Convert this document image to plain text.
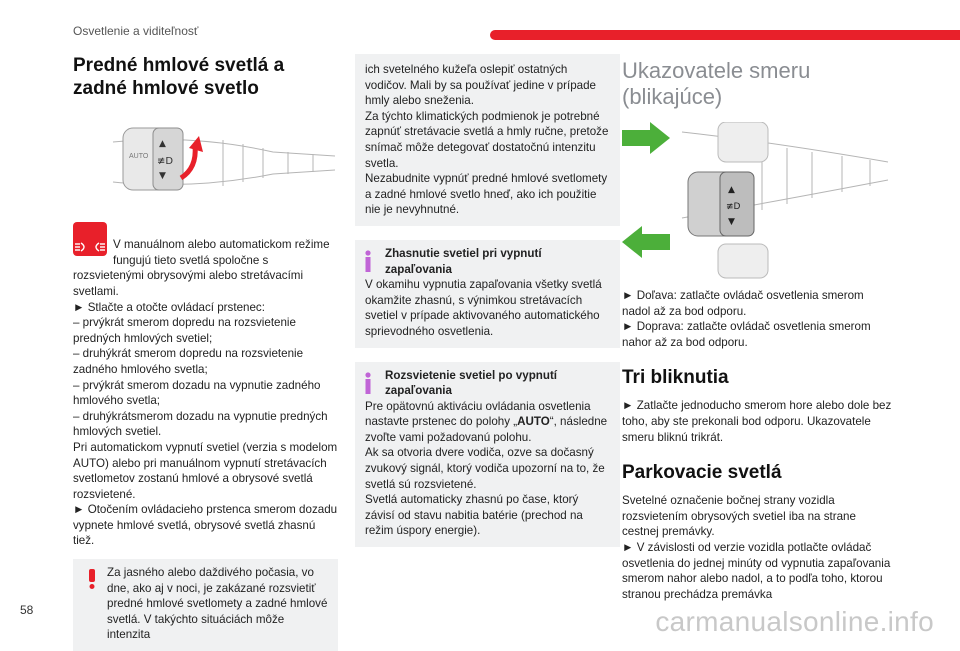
Osvetlenie a viditeľnosť
Predné hmlové svetlá a
zadné hmlové svetlo
AUTO
▲
≢D
▼

V manuálnom alebo automatickom režime fungujú tieto svetlá spoločne s rozsvietenými obrysovými alebo stretávacími svetlami.
► Stlačte a otočte ovládací prstenec:
– prvýkrát smerom dopredu na rozsvietenie predných hmlových svetiel;
– druhýkrát smerom dopredu na rozsvietenie zadného hmlového svetla;
– prvýkrát smerom dozadu na vypnutie zadného hmlového svetla;
– druhýkrátsmerom dozadu na vypnutie predných hmlových svetiel.
Pri automatickom vypnutí svetiel (verzia s modelom AUTO) alebo pri manuálnom vypnutí stretávacích svetlometov zostanú hmlové a obrysové svetlá rozsvietené.
► Otočením ovládacieho prstenca smerom dozadu vypnete hmlové svetlá, obrysové svetlá zhasnú tiež.

Za jasného alebo daždivého počasia, vo dne, ako aj v noci, je zakázané rozsvietiť predné hmlové svetlomety a zadné hmlové svetlá. V takýchto situáciách môže intenzita
ich svetelného kužeľa oslepiť ostatných vodičov. Mali by sa používať jedine v prípade hmly alebo sneženia.
Za týchto klimatických podmienok je potrebné zapnúť stretávacie svetlá a hmly ručne, pretože snímač môže detegovať dostatočnú intenzitu svetla.
Nezabudnite vypnúť predné hmlové svetlomety a zadné hmlové svetlo hneď, ako ich použitie nie je nevyhnutné.
Zhasnutie svetiel pri vypnutí zapaľovania
V okamihu vypnutia zapaľovania všetky svetlá okamžite zhasnú, s výnimkou stretávacích svetiel v prípade aktivovaného automatického sprievodného osvetlenia.
Rozsvietenie svetiel po vypnutí zapaľovania
Pre opätovnú aktiváciu ovládania osvetlenia nastavte prstenec do polohy „AUTO“, následne zvoľte vami požadovanú polohu.
Ak sa otvoria dvere vodiča, ozve sa dočasný zvukový signál, ktorý vodiča upozorní na to, že svetlá sú rozsvietené.
Svetlá automaticky zhasnú po čase, ktorý závisí od stavu nabitia batérie (prechod na režim úspory energie).
Ukazovatele smeru
(blikajúce)
▲
≢D
▼
► Doľava: zatlačte ovládač osvetlenia smerom nadol až za bod odporu.
► Doprava: zatlačte ovládač osvetlenia smerom nahor až za bod odporu.
Tri bliknutia
► Zatlačte jednoducho smerom hore alebo dole bez toho, aby ste prekonali bod odporu. Ukazovatele smeru bliknú trikrát.
Parkovacie svetlá
Svetelné označenie bočnej strany vozidla rozsvietením obrysových svetiel iba na strane cestnej premávky.
► V závislosti od verzie vozidla potlačte ovládač osvetlenia do jednej minúty od vypnutia zapaľovania smerom nahor alebo nadol, a to podľa toho, ktorou stranou prechádza premávka
58	carmanualsonline.info
